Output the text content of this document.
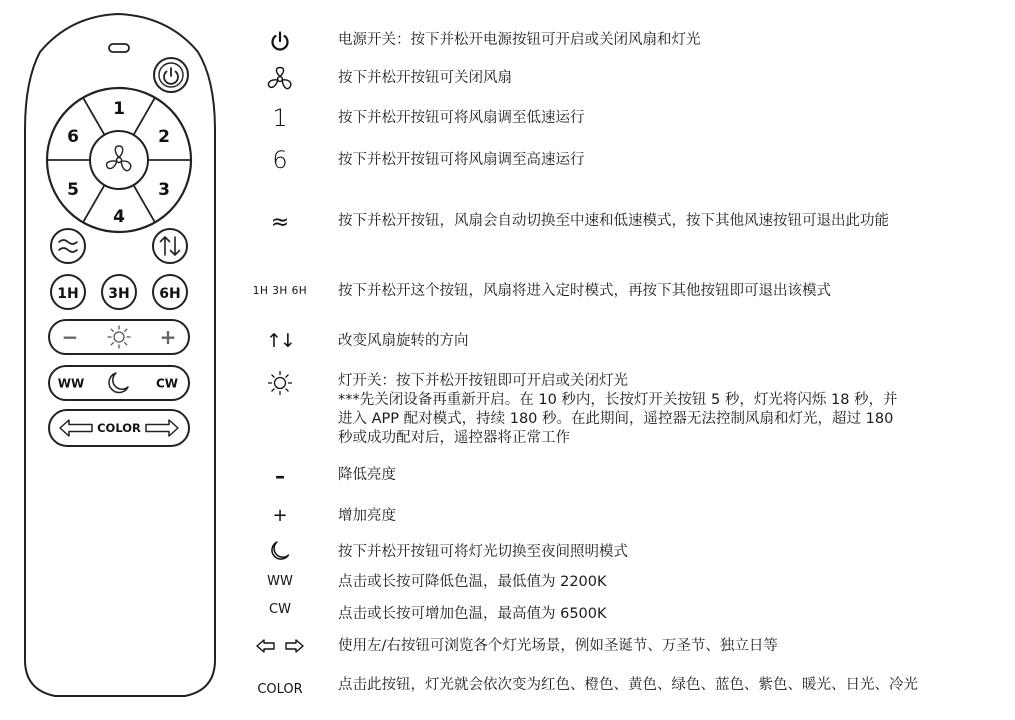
1
2
3
4
5
6
1H 3H 6H
−	+
WW	CW
COLOR
电源开关：按下并松开电源按钮可开启或关闭风扇和灯光
按下并松开按钮可关闭风扇
1	按下并松开按钮可将风扇调至低速运行
6	按下并松开按钮可将风扇调至高速运行
≈	按下并松开按钮，风扇会自动切换至中速和低速模式，按下其他风速按钮可退出此功能
1H 3H 6H	按下并松开这个按钮，风扇将进入定时模式，再按下其他按钮即可退出该模式
↑↓	改变风扇旋转的方向
灯开关：按下并松开按钮即可开启或关闭灯光
***先关闭设备再重新开启。在 10 秒内，长按灯开关按钮 5 秒，灯光将闪烁 18 秒，并
进入 APP 配对模式，持续 180 秒。在此期间，遥控器无法控制风扇和灯光，超过 180
秒或成功配对后，遥控器将正常工作
–	降低亮度
+	增加亮度
按下并松开按钮可将灯光切换至夜间照明模式
WW	点击或长按可降低色温，最低值为 2200K
CW	点击或长按可增加色温，最高值为 6500K
使用左/右按钮可浏览各个灯光场景，例如圣诞节、万圣节、独立日等
COLOR	点击此按钮，灯光就会依次变为红色、橙色、黄色、绿色、蓝色、紫色、暖光、日光、冷光
